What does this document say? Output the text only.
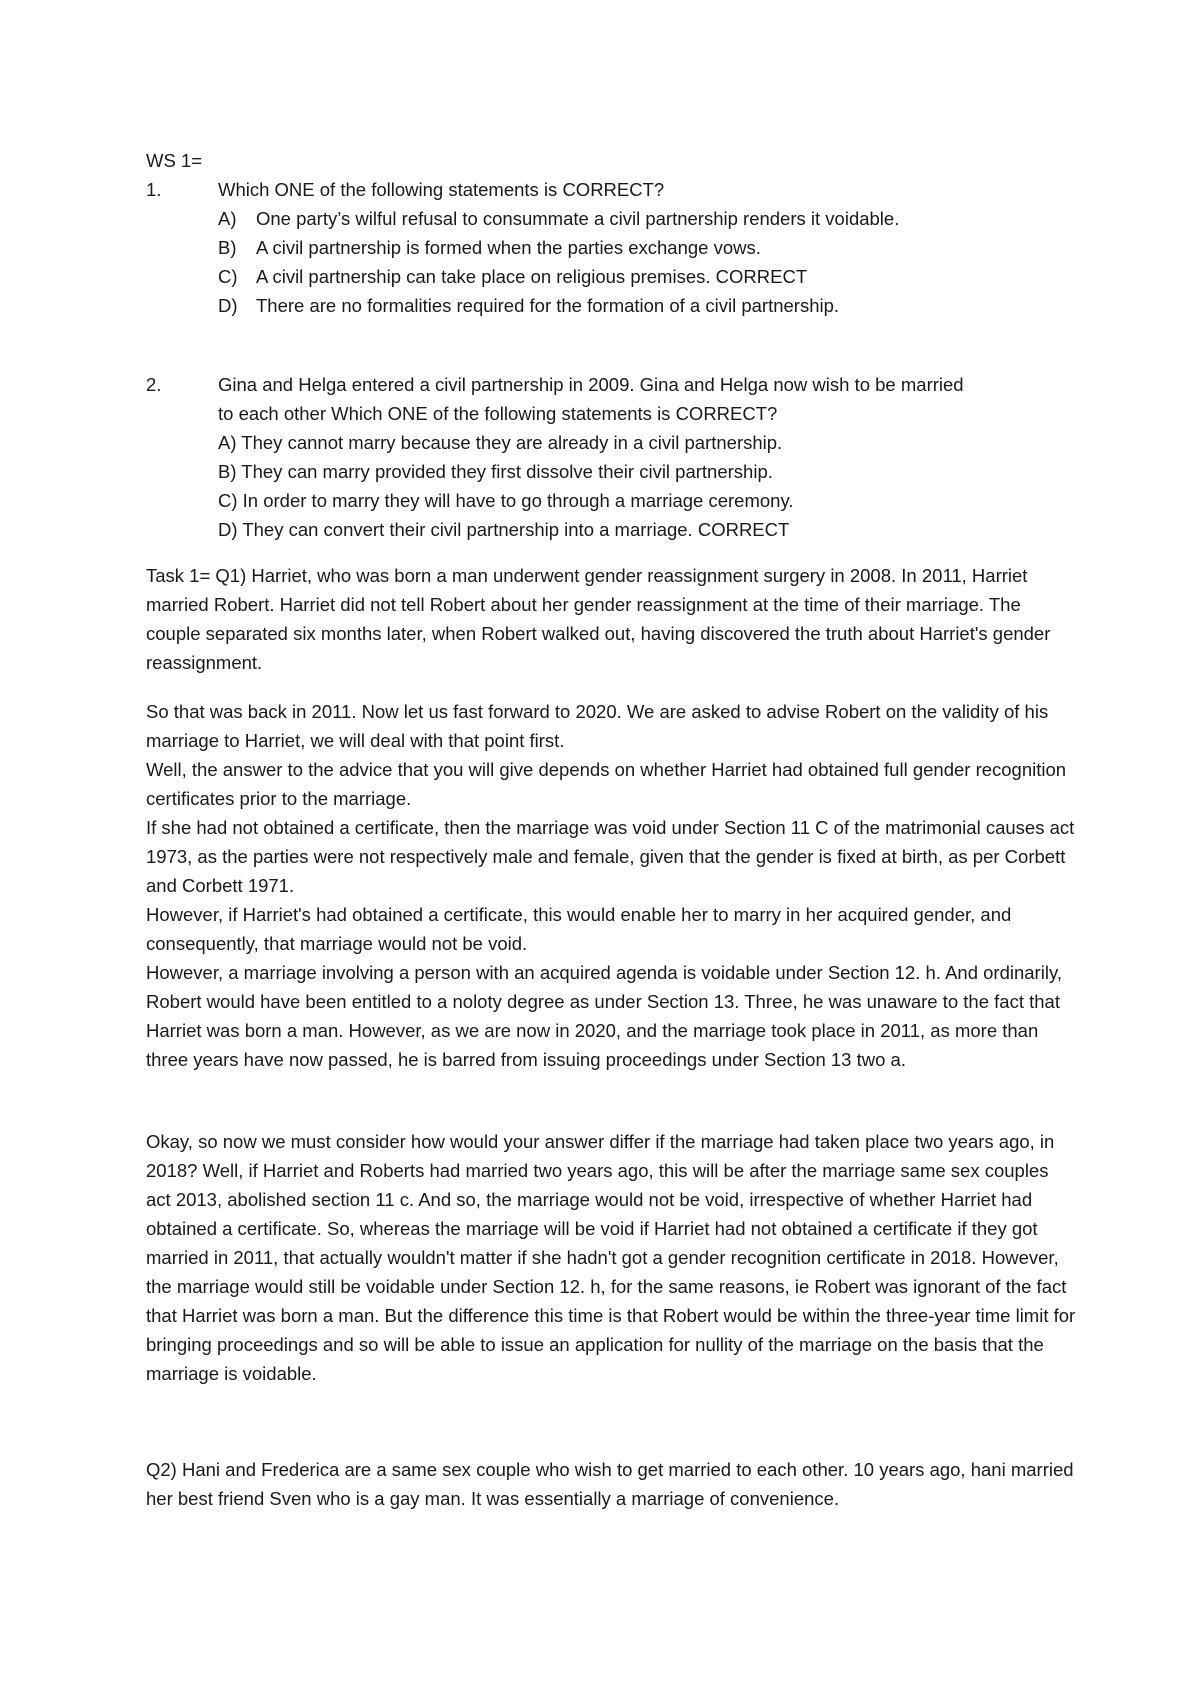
WS 1=
1.	Which ONE of the following statements is CORRECT?
A)	One party’s wilful refusal to consummate a civil partnership renders it voidable.
B)	A civil partnership is formed when the parties exchange vows.
C) A civil partnership can take place on religious premises. CORRECT
D) There are no formalities required for the formation of a civil partnership.
2.	Gina and Helga entered a civil partnership in 2009. Gina and Helga now wish to be married
to each other Which ONE of the following statements is CORRECT?
A) They cannot marry because they are already in a civil partnership.
B) They can marry provided they first dissolve their civil partnership.
C) In order to marry they will have to go through a marriage ceremony.
D) They can convert their civil partnership into a marriage. CORRECT

Task 1= Q1) Harriet, who was born a man underwent gender reassignment surgery in 2008. In 2011, Harriet married Robert. Harriet did not tell Robert about her gender reassignment at the time of their marriage. The couple separated six months later, when Robert walked out, having discovered the truth about Harriet's gender reassignment.

So that was back in 2011. Now let us fast forward to 2020. We are asked to advise Robert on the validity of his marriage to Harriet, we will deal with that point first.

Well, the answer to the advice that you will give depends on whether Harriet had obtained full gender recognition certificates prior to the marriage.

If she had not obtained a certificate, then the marriage was void under Section 11 C of the matrimonial causes act 1973, as the parties were not respectively male and female, given that the gender is fixed at birth, as per Corbett and Corbett 1971.

However, if Harriet's had obtained a certificate, this would enable her to marry in her acquired gender, and consequently, that marriage would not be void.

However, a marriage involving a person with an acquired agenda is voidable under Section 12. h. And ordinarily, Robert would have been entitled to a noloty degree as under Section 13. Three, he was unaware to the fact that Harriet was born a man. However, as we are now in 2020, and the marriage took place in 2011, as more than three years have now passed, he is barred from issuing proceedings under Section 13 two a.

Okay, so now we must consider how would your answer differ if the marriage had taken place two years ago, in 2018? Well, if Harriet and Roberts had married two years ago, this will be after the marriage same sex couples act 2013, abolished section 11 c. And so, the marriage would not be void, irrespective of whether Harriet had obtained a certificate. So, whereas the marriage will be void if Harriet had not obtained a certificate if they got married in 2011, that actually wouldn't matter if she hadn't got a gender recognition certificate in 2018. However, the marriage would still be voidable under Section 12. h, for the same reasons, ie Robert was ignorant of the fact that Harriet was born a man. But the difference this time is that Robert would be within the three-year time limit for bringing proceedings and so will be able to issue an application for nullity of the marriage on the basis that the marriage is voidable.

Q2) Hani and Frederica are a same sex couple who wish to get married to each other. 10 years ago, hani married her best friend Sven who is a gay man. It was essentially a marriage of convenience.
